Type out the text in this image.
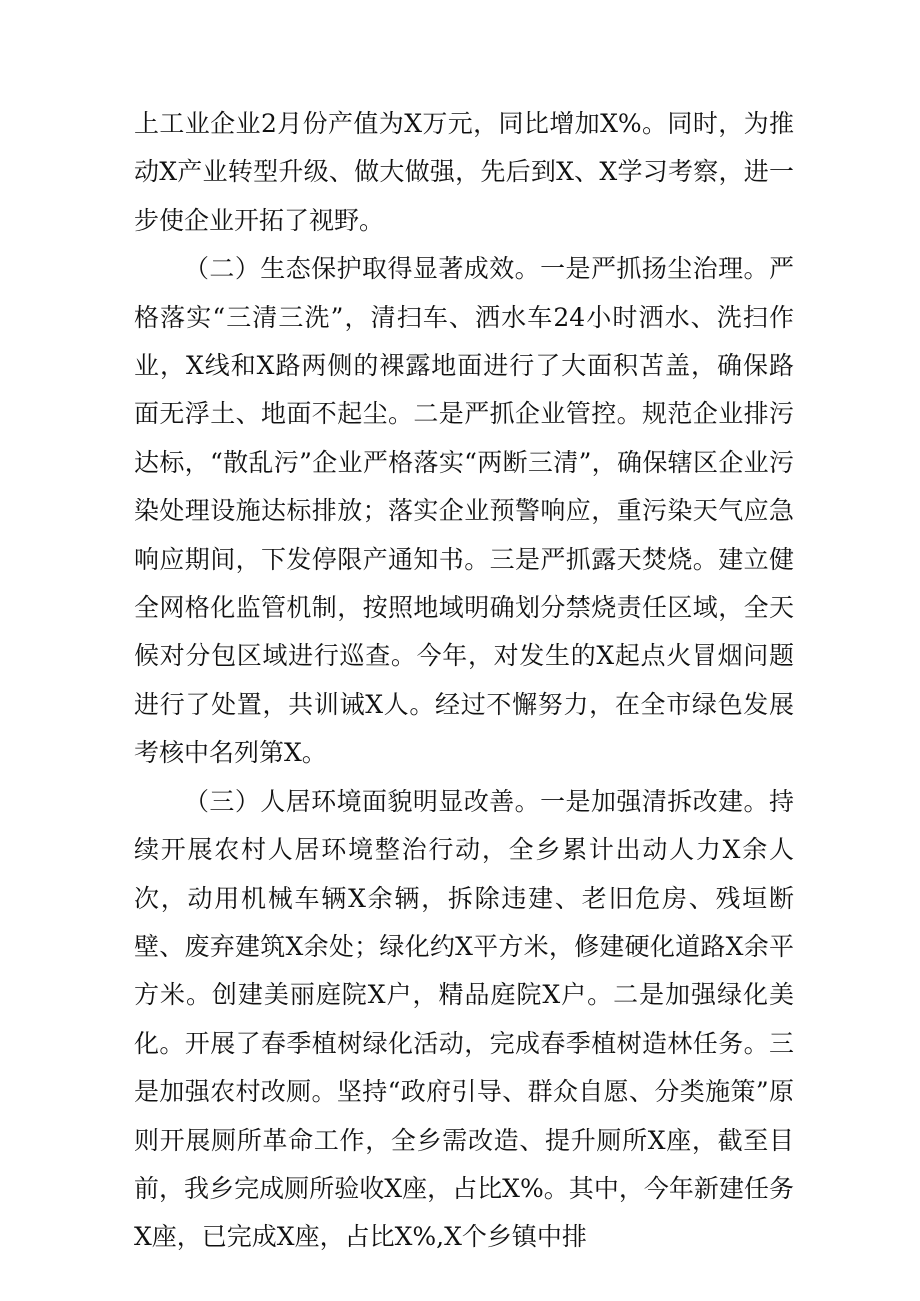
上工业企业2月份产值为X万元，同比增加X%。同时，为推动X产业转型升级、做大做强，先后到X、X学习考察，进一步使企业开拓了视野。

（二）生态保护取得显著成效。一是严抓扬尘治理。严格落实“三清三洗”，清扫车、洒水车24小时洒水、洗扫作业，X线和X路两侧的裸露地面进行了大面积苫盖，确保路面无浮土、地面不起尘。二是严抓企业管控。规范企业排污达标，“散乱污”企业严格落实“两断三清”，确保辖区企业污染处理设施达标排放；落实企业预警响应，重污染天气应急响应期间，下发停限产通知书。三是严抓露天焚烧。建立健全网格化监管机制，按照地域明确划分禁烧责任区域，全天候对分包区域进行巡查。今年，对发生的X起点火冒烟问题进行了处置，共训诫X人。经过不懈努力，在全市绿色发展考核中名列第X。

（三）人居环境面貌明显改善。一是加强清拆改建。持续开展农村人居环境整治行动，全乡累计出动人力X余人次，动用机械车辆X余辆，拆除违建、老旧危房、残垣断壁、废弃建筑X余处；绿化约X平方米，修建硬化道路X余平方米。创建美丽庭院X户，精品庭院X户。二是加强绿化美化。开展了春季植树绿化活动，完成春季植树造林任务。三是加强农村改厕。坚持“政府引导、群众自愿、分类施策”原则开展厕所革命工作，全乡需改造、提升厕所X座，截至目前，我乡完成厕所验收X座，占比X%。其中，今年新建任务X座，已完成X座，占比X%,X个乡镇中排
